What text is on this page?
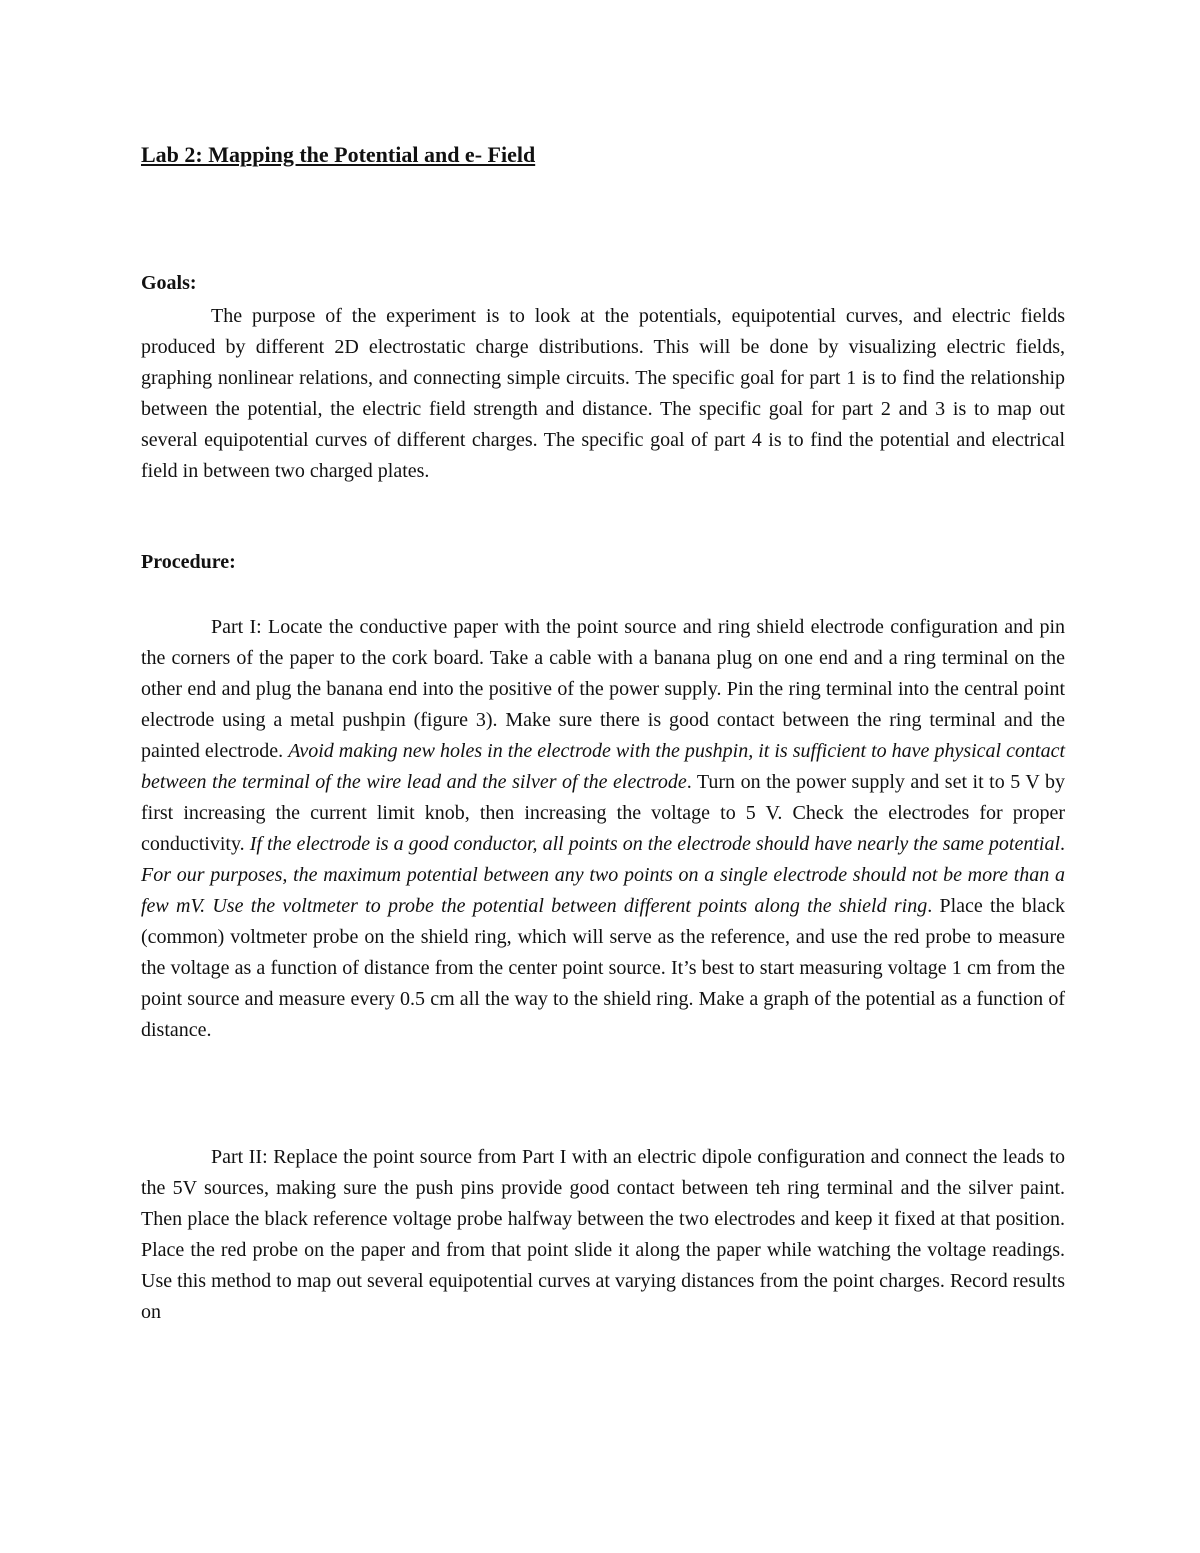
Lab 2: Mapping the Potential and e- Field
Goals:

The purpose of the experiment is to look at the potentials, equipotential curves, and electric fields produced by different 2D electrostatic charge distributions. This will be done by visualizing electric fields, graphing nonlinear relations, and connecting simple circuits. The specific goal for part 1 is to find the relationship between the potential, the electric field strength and distance. The specific goal for part 2 and 3 is to map out several equipotential curves of different charges. The specific goal of part 4 is to find the potential and electrical field in between two charged plates.

Procedure:

Part I: Locate the conductive paper with the point source and ring shield electrode configuration and pin the corners of the paper to the cork board. Take a cable with a banana plug on one end and a ring terminal on the other end and plug the banana end into the positive of the power supply. Pin the ring terminal into the central point electrode using a metal pushpin (figure 3). Make sure there is good contact between the ring terminal and the painted electrode. Avoid making new holes in the electrode with the pushpin, it is sufficient to have physical contact between the terminal of the wire lead and the silver of the electrode. Turn on the power supply and set it to 5 V by first increasing the current limit knob, then increasing the voltage to 5 V. Check the electrodes for proper conductivity. If the electrode is a good conductor, all points on the electrode should have nearly the same potential. For our purposes, the maximum potential between any two points on a single electrode should not be more than a few mV. Use the voltmeter to probe the potential between different points along the shield ring. Place the black (common) voltmeter probe on the shield ring, which will serve as the reference, and use the red probe to measure the voltage as a function of distance from the center point source. It’s best to start measuring voltage 1 cm from the point source and measure every 0.5 cm all the way to the shield ring. Make a graph of the potential as a function of distance.

Part II: Replace the point source from Part I with an electric dipole configuration and connect the leads to the 5V sources, making sure the push pins provide good contact between teh ring terminal and the silver paint. Then place the black reference voltage probe halfway between the two electrodes and keep it fixed at that position. Place the red probe on the paper and from that point slide it along the paper while watching the voltage readings. Use this method to map out several equipotential curves at varying distances from the point charges. Record results on
